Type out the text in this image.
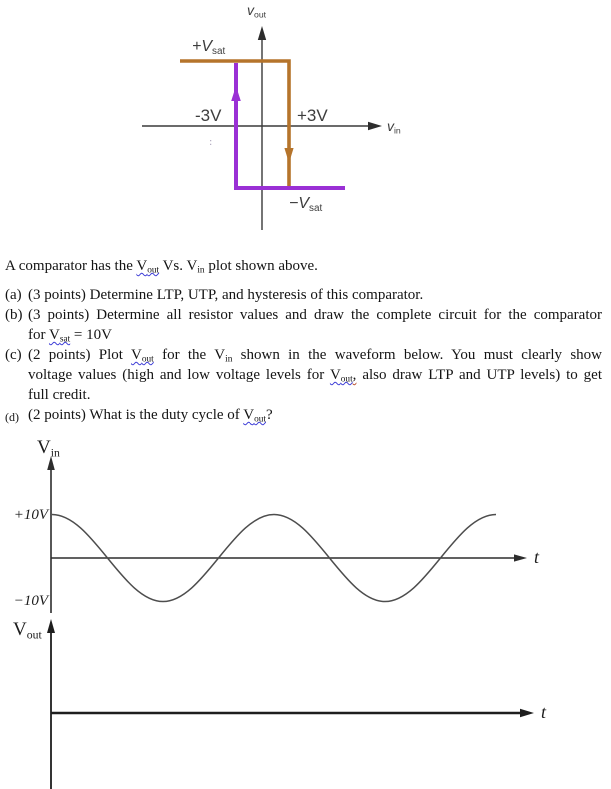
$v_{out}$
$v_{in}$
$+V_{sat}$
$-V_{sat}$
-3V	+3V
:

A comparator has the $V_{out}$ Vs. $V_{in}$ plot shown above.

(a) (3 points) Determine LTP, UTP, and hysteresis of this comparator.
(b) (3 points) Determine all resistor values and draw the complete circuit for the comparator
for $V_{sat} = 10V$
(c) (2 points) Plot $V_{out}$ for the $V_{in}$ shown in the waveform below. You must clearly show
voltage values (high and low voltage levels for $V_{out}$, also draw LTP and UTP levels) to get
full credit.
(d) (2 points) What is the duty cycle of $V_{out}$?
$V_{in}$
+10V
−10V
t
$V_{out}$
t
